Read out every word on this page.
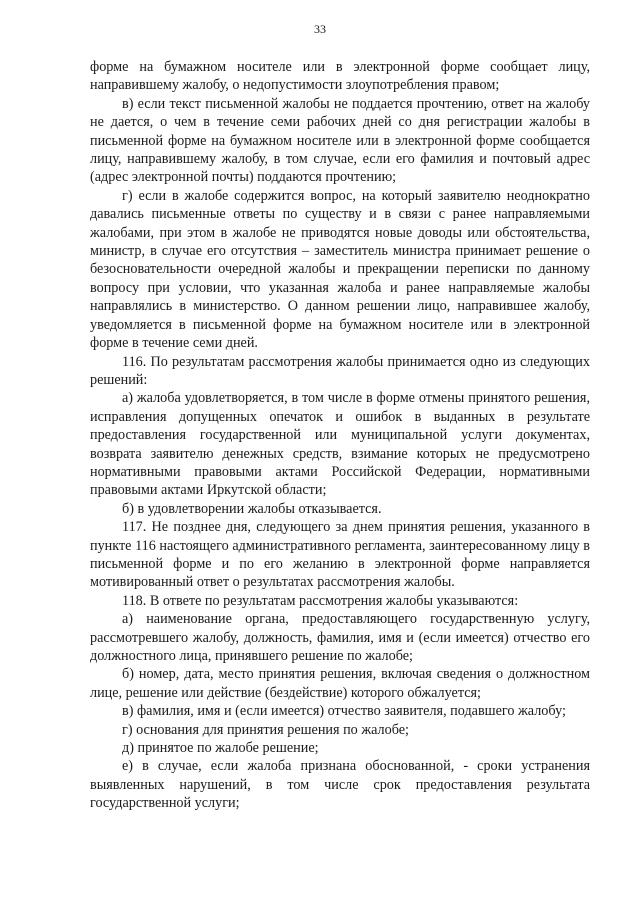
33

форме на бумажном носителе или в электронной форме сообщает лицу, направившему жалобу, о недопустимости злоупотребления правом;

в) если текст письменной жалобы не поддается прочтению, ответ на жалобу не дается, о чем в течение семи рабочих дней со дня регистрации жалобы в письменной форме на бумажном носителе или в электронной форме сообщается лицу, направившему жалобу, в том случае, если его фамилия и почтовый адрес (адрес электронной почты) поддаются прочтению;

г) если в жалобе содержится вопрос, на который заявителю неоднократно давались письменные ответы по существу и в связи с ранее направляемыми жалобами, при этом в жалобе не приводятся новые доводы или обстоятельства, министр, в случае его отсутствия – заместитель министра принимает решение о безосновательности очередной жалобы и прекращении переписки по данному вопросу при условии, что указанная жалоба и ранее направляемые жалобы направлялись в министерство. О данном решении лицо, направившее жалобу, уведомляется в письменной форме на бумажном носителе или в электронной форме в течение семи дней.

116. По результатам рассмотрения жалобы принимается одно из следующих решений:

а) жалоба удовлетворяется, в том числе в форме отмены принятого решения, исправления допущенных опечаток и ошибок в выданных в результате предоставления государственной или муниципальной услуги документах, возврата заявителю денежных средств, взимание которых не предусмотрено нормативными правовыми актами Российской Федерации, нормативными правовыми актами Иркутской области;

б) в удовлетворении жалобы отказывается.

117. Не позднее дня, следующего за днем принятия решения, указанного в пункте 116 настоящего административного регламента, заинтересованному лицу в письменной форме и по его желанию в электронной форме направляется мотивированный ответ о результатах рассмотрения жалобы.

118. В ответе по результатам рассмотрения жалобы указываются:

а) наименование органа, предоставляющего государственную услугу, рассмотревшего жалобу, должность, фамилия, имя и (если имеется) отчество его должностного лица, принявшего решение по жалобе;

б) номер, дата, место принятия решения, включая сведения о должностном лице, решение или действие (бездействие) которого обжалуется;

в) фамилия, имя и (если имеется) отчество заявителя, подавшего жалобу;

г) основания для принятия решения по жалобе;

д) принятое по жалобе решение;

е) в случае, если жалоба признана обоснованной, - сроки устранения выявленных нарушений, в том числе срок предоставления результата государственной услуги;
